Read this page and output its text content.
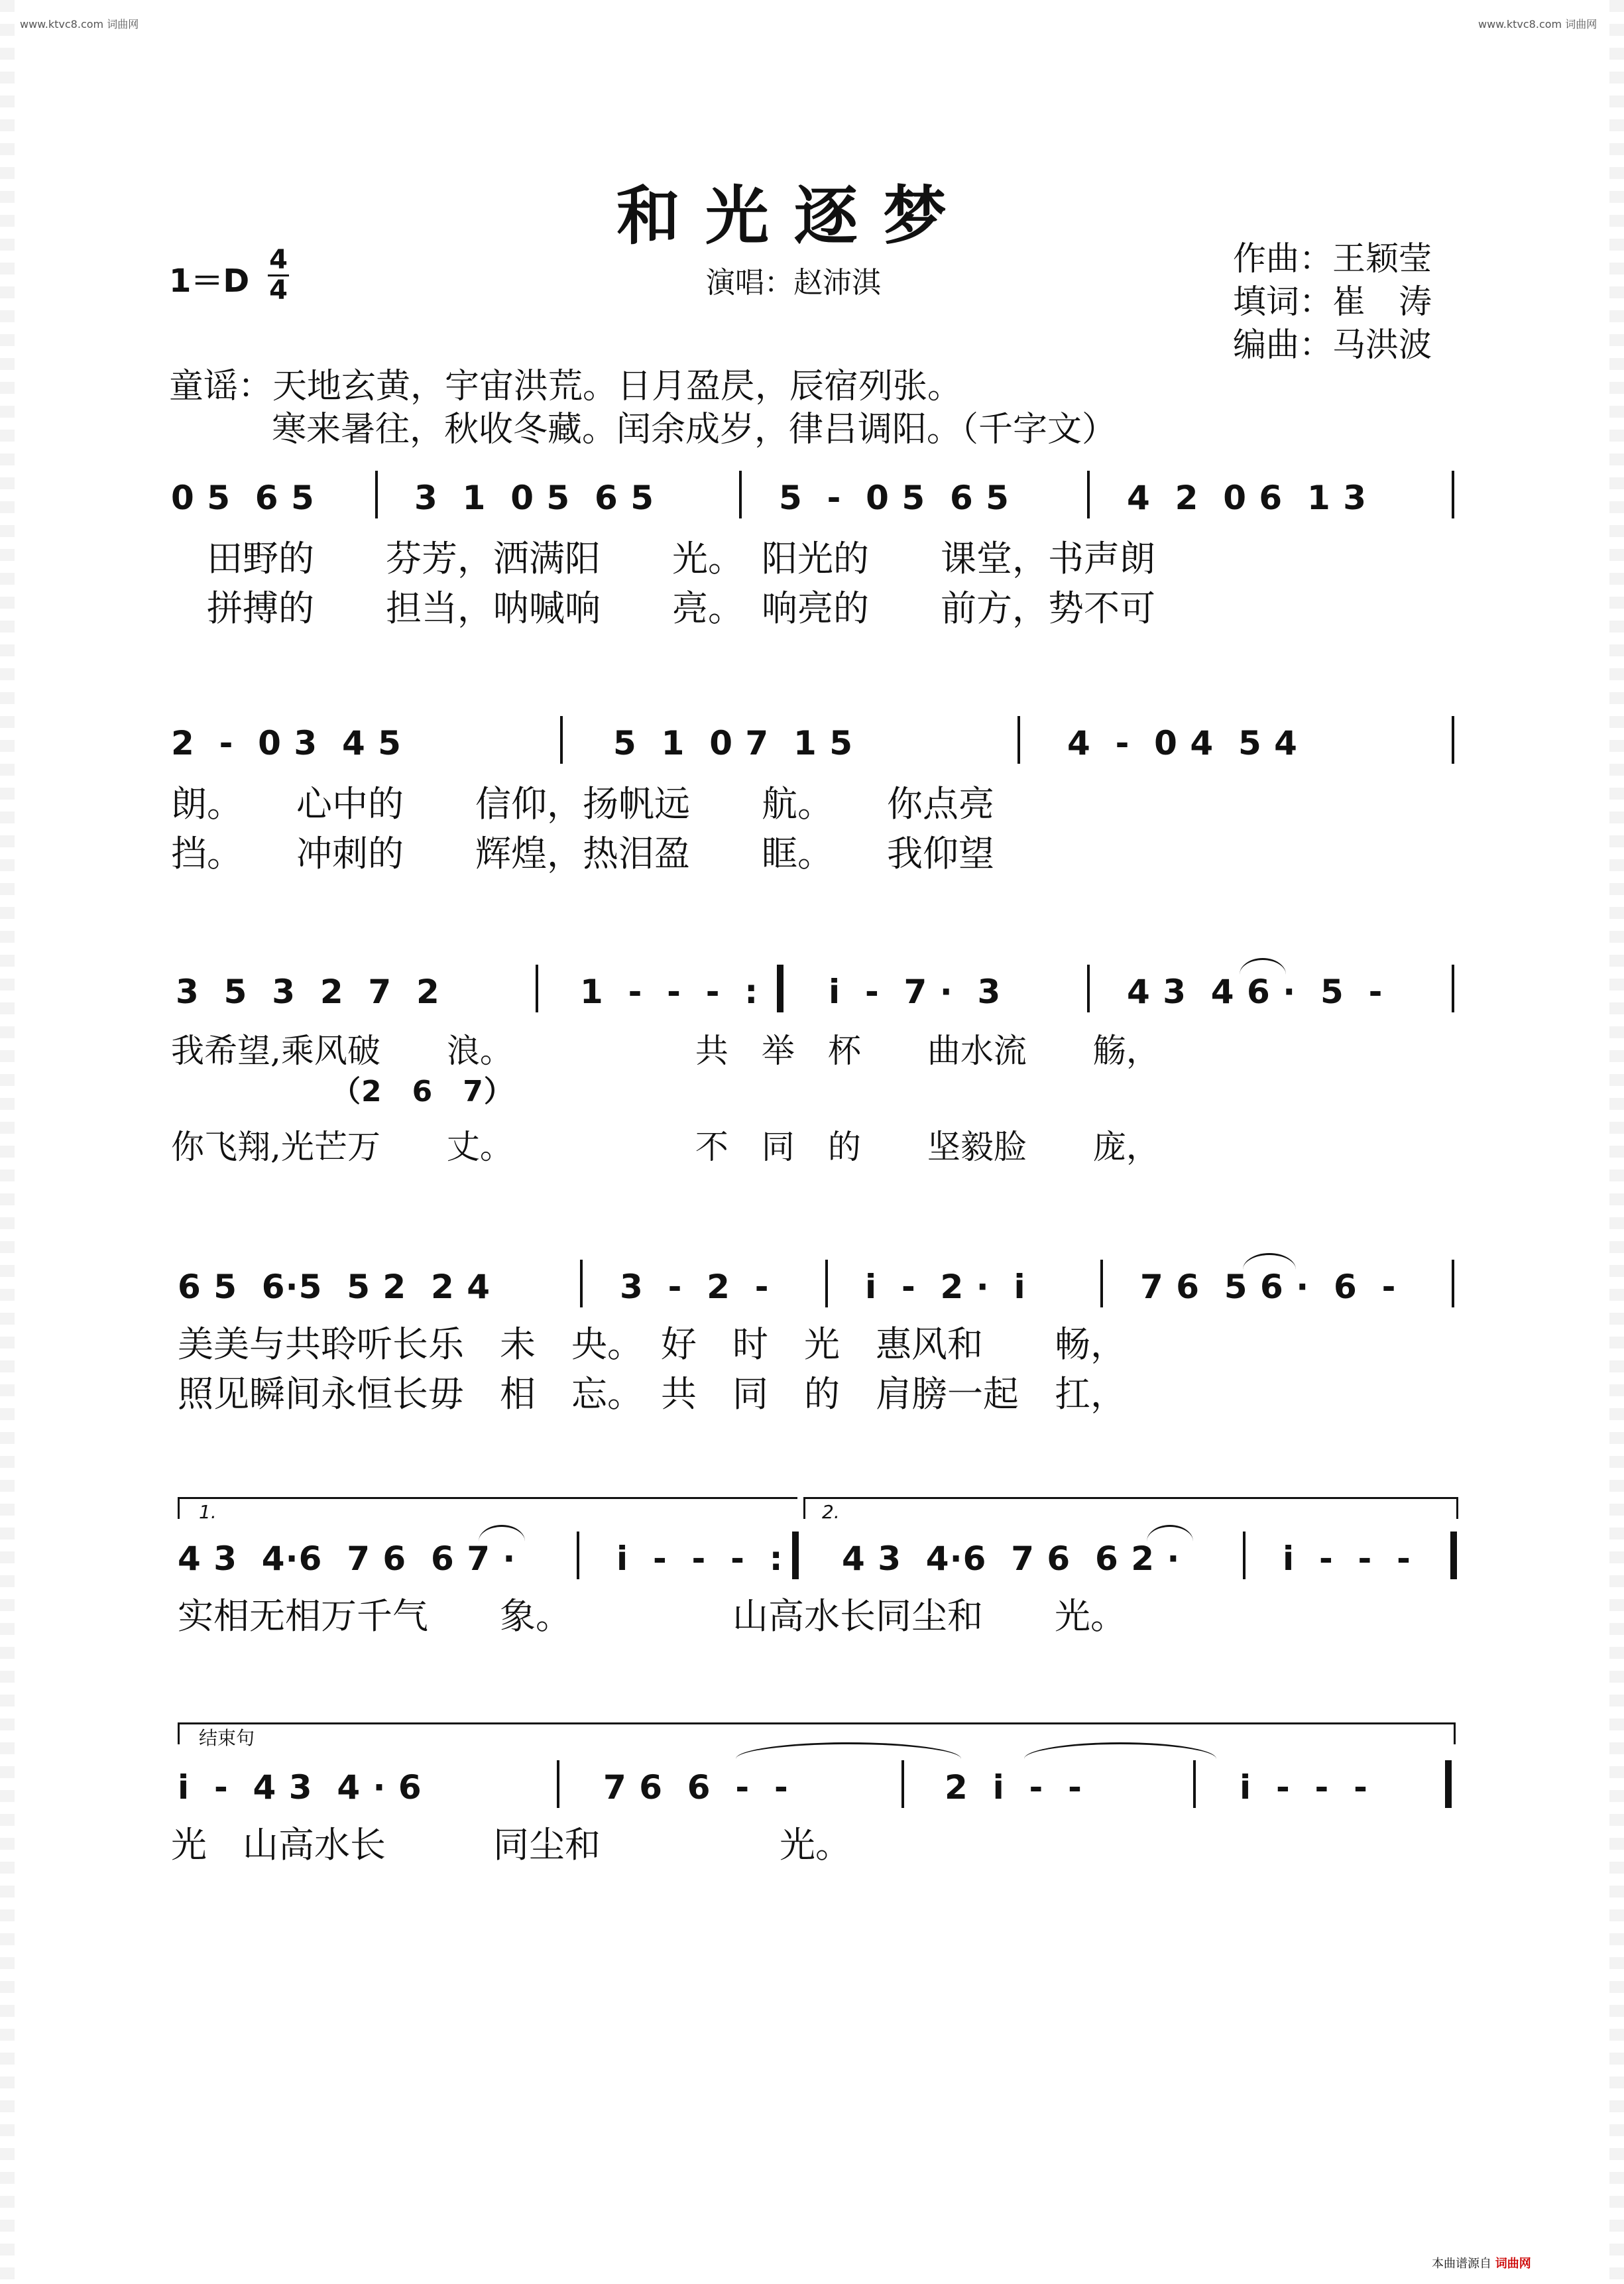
www.ktvc8.com 词曲网	www.ktvc8.com 词曲网
和光逐梦
1＝D
4
4	演唱：赵沛淇
作曲：王颖莹
填词：崔　涛
编曲：马洪波
童谣：天地玄黄，宇宙洪荒。日月盈昃，辰宿列张。
寒来暑往，秋收冬藏。闰余成岁，律吕调阳。（千字文）
0 5  6 5	3  1  0 5  6 5	5  -  0 5  6 5	4  2  0 6  1 3
　田野的　　芬芳，洒满阳　　光。　阳光的　　课堂，书声朗
　拼搏的　　担当，呐喊响　　亮。　响亮的　　前方，势不可
2  -  0 3  4 5	5  1  0 7  1 5	4  -  0 4  5 4
朗。　　心中的　　信仰，扬帆远　　航。　　你点亮
挡。　　冲刺的　　辉煌，热泪盈　　眶。　　我仰望
3  5  3  2  7  2	1  -  -  -  : i  -  7 ·  3	4 3  4 6 ·  5  -
我希望,乘风破　　浪。　　　　　　共　举　杯　　曲水流　　觞，
（2　6　7）
你飞翔,光芒万　　丈。　　　　　　不　同　的　　坚毅脸　　庞，
6 5  6·5  5 2  2 4	3  -  2  -	i  -  2 ·  i	7 6  5 6 ·  6  -
美美与共聆听长乐　未　央。　好　时　光　惠风和　　畅，
照见瞬间永恒长毋　相　忘。　共　同　的　肩膀一起　扛，
1.	2.
4 3  4·6  7 6  6 7 ·	i  -  -  -  : 4 3  4·6  7 6  6 2 ·	i  -  -  -
实相无相万千气　　象。　　　　　山高水长同尘和　　光。
结束句
i  -  4 3  4 · 6	7 6  6  -  -	2  i  -  -	i  -  -  -
光　山高水长　　　同尘和　　　　　光。
本曲谱源自 词曲网
